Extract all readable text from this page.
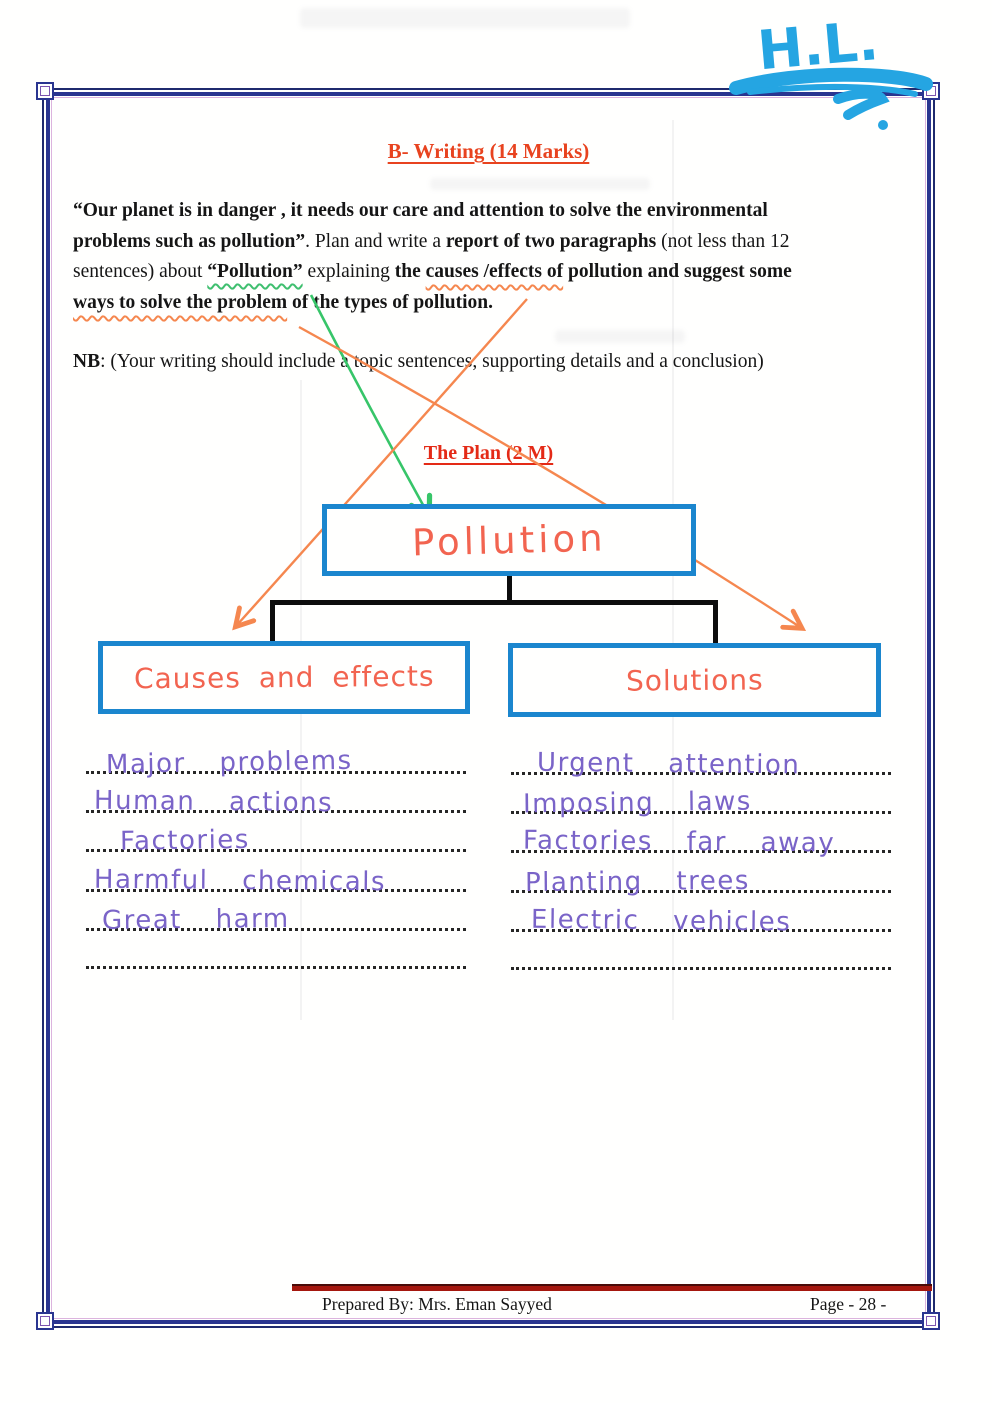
H.L.
B- Writing (14 Marks)
“Our planet is in danger , it needs our care and attention to solve the environmental
problems such as pollution”. Plan and write a report of two paragraphs (not less than 12
sentences) about “Pollution” explaining the causes /effects of pollution and suggest some
ways to solve the problem of the types of pollution.
NB: (Your writing should include a topic sentences, supporting details and a conclusion)
The Plan (2 M)
Pollution
Causes and effects	Solutions
Major problems
Human actions
Factories
Harmful chemicals
Great harm
Urgent attention
Imposing laws
Factories far away
Planting trees
Electric vehicles
Prepared By: Mrs. Eman Sayyed	Page - 28 -
